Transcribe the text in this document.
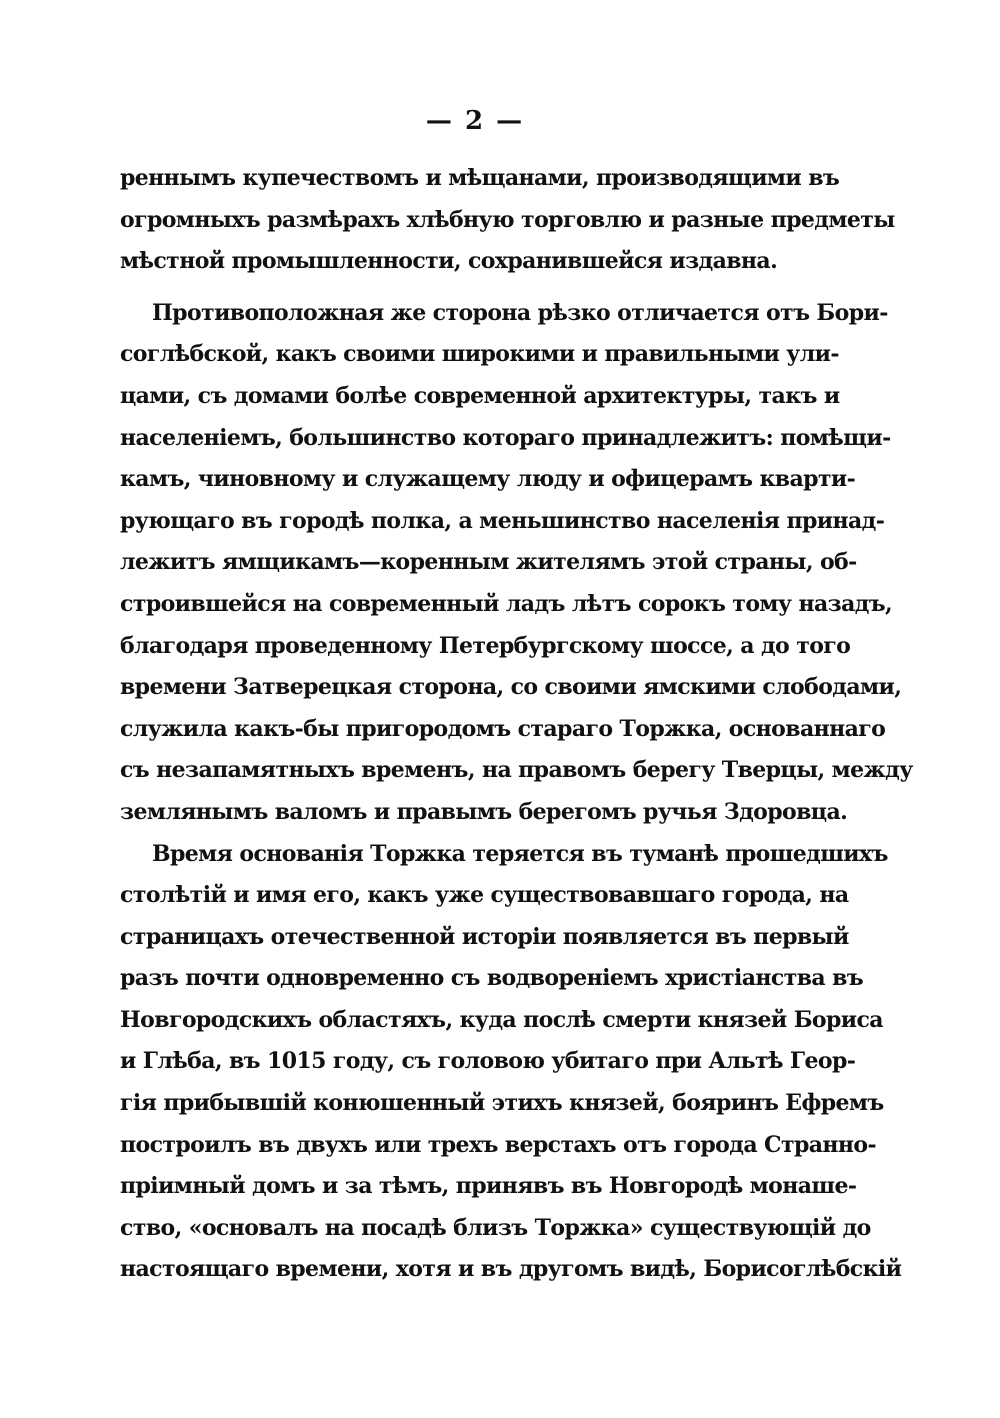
— 2 —
реннымъ купечествомъ и мѣщанами, производящими въ
огромныхъ размѣрахъ хлѣбную торговлю и разные предметы
мѣстной промышленности, сохранившейся издавна.
Противоположная же сторона рѣзко отличается отъ Бори-
соглѣбской, какъ своими широкими и правильными ули-
цами, съ домами болѣе современной архитектуры, такъ и
населеніемъ, большинство котораго принадлежитъ: помѣщи-
камъ, чиновному и служащему люду и офицерамъ кварти-
рующаго въ городѣ полка, а меньшинство населенія принад-
лежитъ ямщикамъ—коренным жителямъ этой страны, об-
строившейся на современный ладъ лѣтъ сорокъ тому назадъ,
благодаря проведенному Петербургскому шоссе, а до того
времени Затверецкая сторона, со своими ямскими слободами,
служила какъ-бы пригородомъ стараго Торжка, основаннаго
съ незапамятныхъ временъ, на правомъ берегу Тверцы, между
землянымъ валомъ и правымъ берегомъ ручья Здоровца.
Время основанія Торжка теряется въ туманѣ прошедшихъ
столѣтій и имя его, какъ уже существовавшаго города, на
страницахъ отечественной исторіи появляется въ первый
разъ почти одновременно съ водвореніемъ христіанства въ
Новгородскихъ областяхъ, куда послѣ смерти князей Бориса
и Глѣба, въ 1015 году, съ головою убитаго при Альтѣ Геор-
гія прибывшій конюшенный этихъ князей, бояринъ Ефремъ
построилъ въ двухъ или трехъ верстахъ отъ города Странно-
пріимный домъ и за тѣмъ, принявъ въ Новгородѣ монаше-
ство, «основалъ на посадѣ близъ Торжка» существующій до
настоящаго времени, хотя и въ другомъ видѣ, Борисоглѣбскій
